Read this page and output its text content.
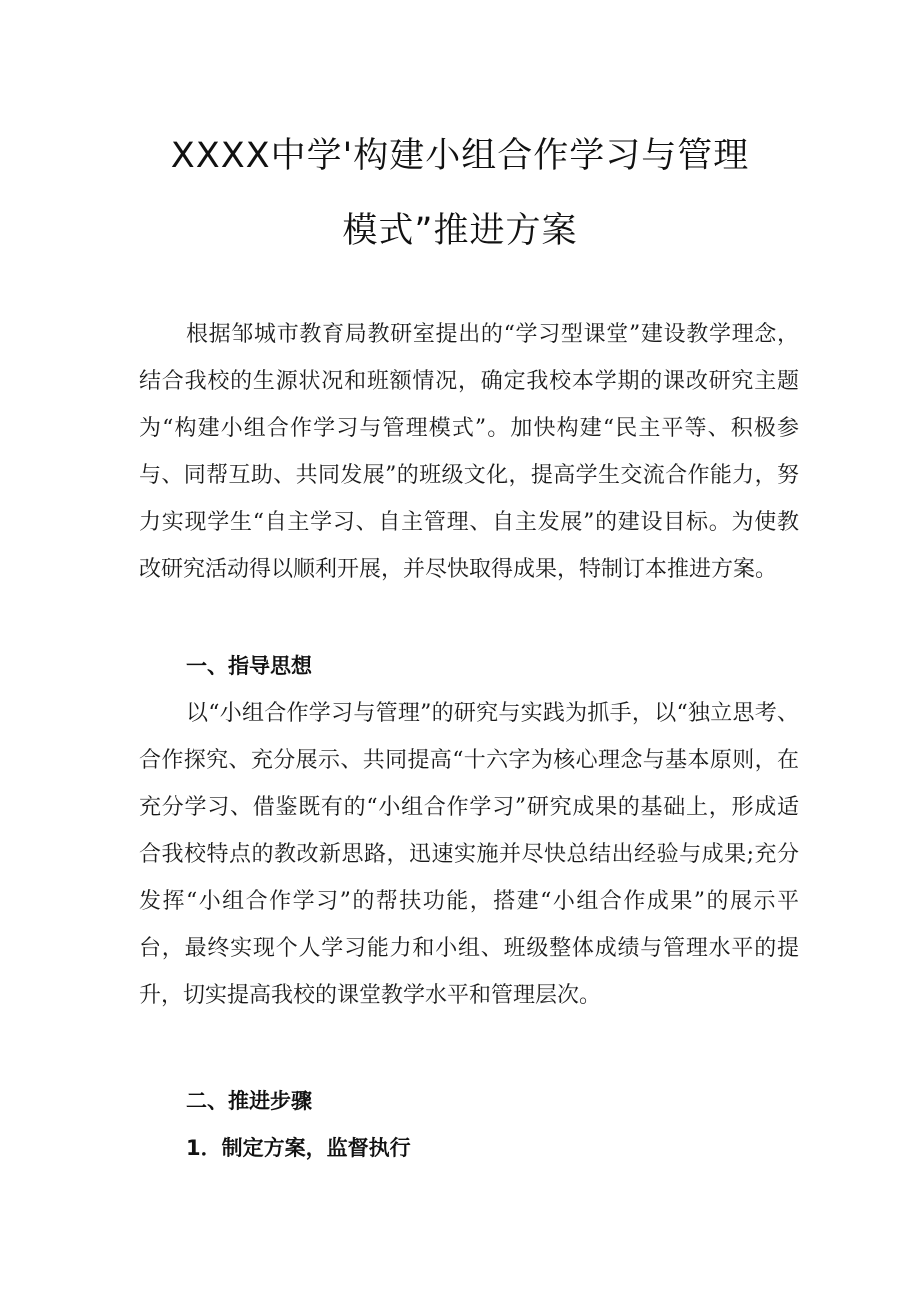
XXXX中学'构建小组合作学习与管理
模式”推进方案
根据邹城市教育局教研室提出的“学习型课堂”建设教学理念，结合我校的生源状况和班额情况，确定我校本学期的课改研究主题为“构建小组合作学习与管理模式”。加快构建“民主平等、积极参与、同帮互助、共同发展”的班级文化，提高学生交流合作能力，努力实现学生“自主学习、自主管理、自主发展”的建设目标。为使教改研究活动得以顺利开展，并尽快取得成果，特制订本推进方案。
一、指导思想
以“小组合作学习与管理”的研究与实践为抓手，以“独立思考、合作探究、充分展示、共同提高“十六字为核心理念与基本原则，在充分学习、借鉴既有的“小组合作学习”研究成果的基础上，形成适合我校特点的教改新思路，迅速实施并尽快总结出经验与成果;充分发挥“小组合作学习”的帮扶功能，搭建“小组合作成果”的展示平台，最终实现个人学习能力和小组、班级整体成绩与管理水平的提升，切实提高我校的课堂教学水平和管理层次。
二、推进步骤
1．制定方案，监督执行
